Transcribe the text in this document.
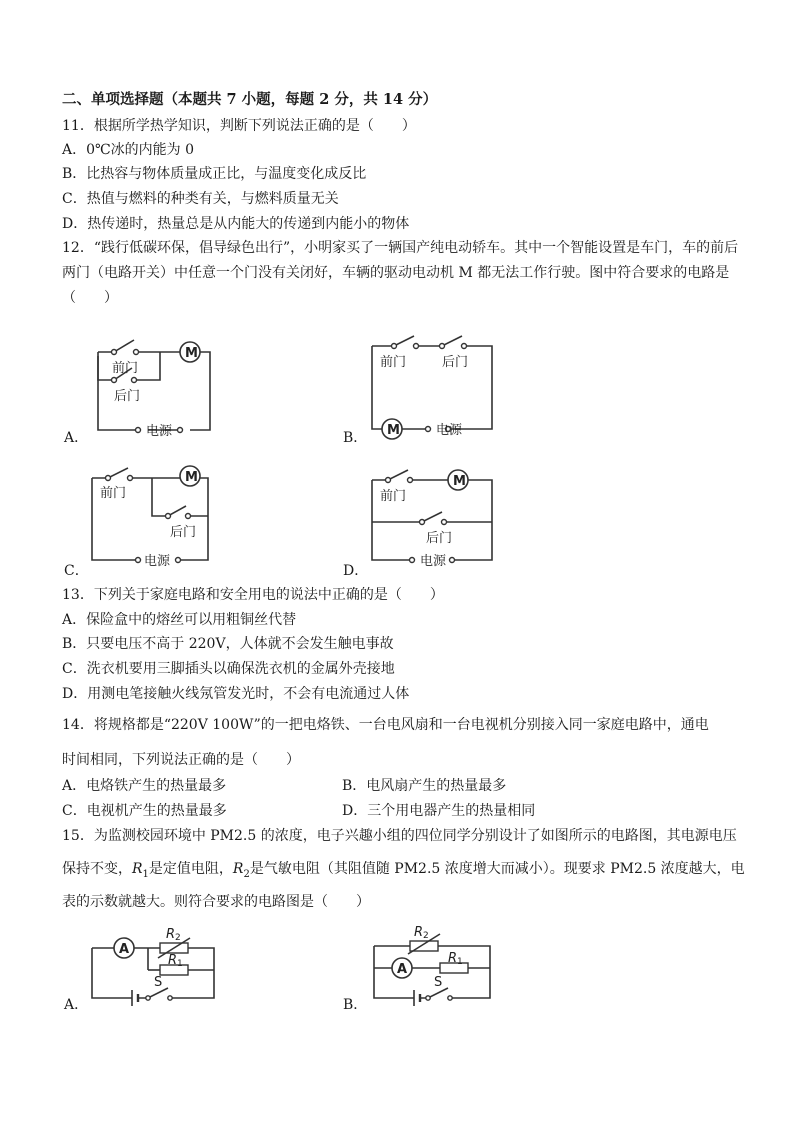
二、单项选择题（本题共 7 小题，每题 2 分，共 14 分）
11．根据所学热学知识，判断下列说法正确的是（　　）
A．0℃冰的内能为 0
B．比热容与物体质量成正比，与温度变化成反比
C．热值与燃料的种类有关，与燃料质量无关
D．热传递时，热量总是从内能大的传递到内能小的物体
12．“践行低碳环保，倡导绿色出行”，小明家买了一辆国产纯电动轿车。其中一个智能设置是车门，车的前后
两门（电路开关）中任意一个门没有关闭好，车辆的驱动电动机 M 都无法工作行驶。图中符合要求的电路是
（　　）
A．
M
前门
后门
电源	B．
前门	后门
M	电源
C．
M
前门
后门
电源
D．
M
前门
后门
电源
13．下列关于家庭电路和安全用电的说法中正确的是（　　）
A．保险盒中的熔丝可以用粗铜丝代替
B．只要电压不高于 220V，人体就不会发生触电事故
C．洗衣机要用三脚插头以确保洗衣机的金属外壳接地
D．用测电笔接触火线氖管发光时，不会有电流通过人体
14．将规格都是“220V 100W”的一把电烙铁、一台电风扇和一台电视机分别接入同一家庭电路中，通电
时间相同，下列说法正确的是（　　）
A．电烙铁产生的热量最多	B．电风扇产生的热量最多
C．电视机产生的热量最多	D．三个用电器产生的热量相同
15．为监测校园环境中 PM2.5 的浓度，电子兴趣小组的四位同学分别设计了如图所示的电路图，其电源电压
保持不变，$R_1$是定值电阻，$R_2$是气敏电阻（其阻值随 PM2.5 浓度增大而减小）。现要求 PM2.5 浓度越大，电
表的示数就越大。则符合要求的电路图是（　　）
A．
A
R 2
R 1
S
B．
R 2
A
R 1
S
